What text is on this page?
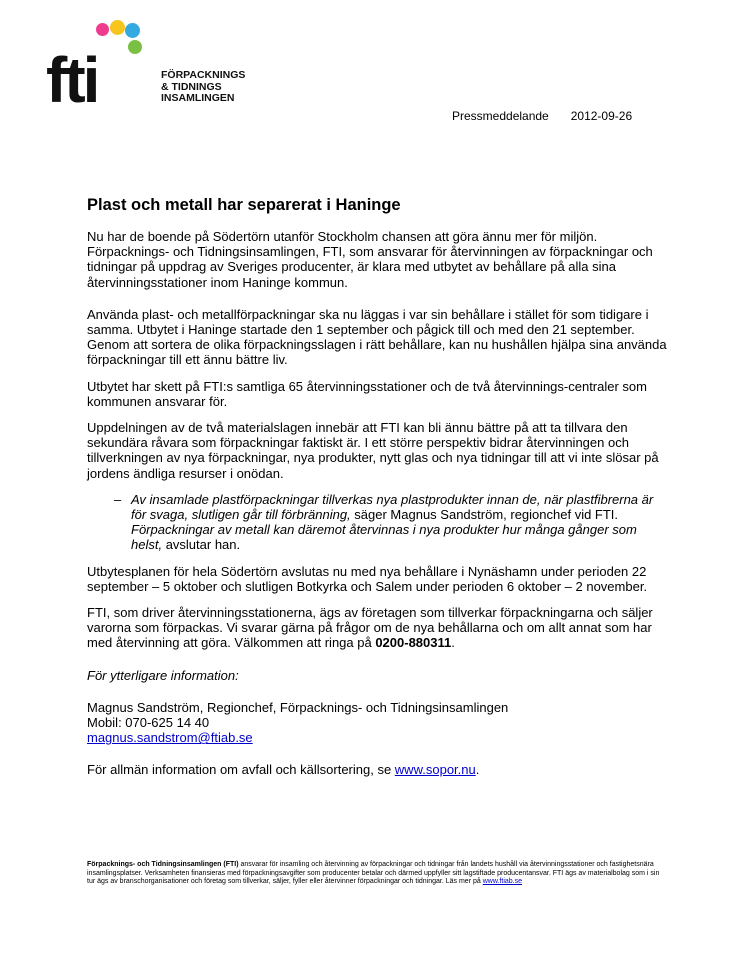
fti	FÖRPACKNINGS
& TIDNINGS
INSAMLINGEN
Pressmeddelande 2012-09-26
Plast och metall har separerat i Haninge

Nu har de boende på Södertörn utanför Stockholm chansen att göra ännu mer för miljön. Förpacknings- och Tidningsinsamlingen, FTI, som ansvarar för återvinningen av förpackningar och tidningar på uppdrag av Sveriges producenter, är klara med utbytet av behållare på alla sina återvinningsstationer inom Haninge kommun.

Använda plast- och metallförpackningar ska nu läggas i var sin behållare i stället för som tidigare i samma. Utbytet i Haninge startade den 1 september och pågick till och med den 21 september. Genom att sortera de olika förpackningsslagen i rätt behållare, kan nu hushållen hjälpa sina använda förpackningar till ett ännu bättre liv.

Utbytet har skett på FTI:s samtliga 65 återvinningsstationer och de två återvinnings-centraler som kommunen ansvarar för.

Uppdelningen av de två materialslagen innebär att FTI kan bli ännu bättre på att ta tillvara den sekundära råvara som förpackningar faktiskt är. I ett större perspektiv bidrar återvinningen och tillverkningen av nya förpackningar, nya produkter, nytt glas och nya tidningar till att vi inte slösar på jordens ändliga resurser i onödan.

– Av insamlade plastförpackningar tillverkas nya plastprodukter innan de, när plastfibrerna är för svaga, slutligen går till förbränning, säger Magnus Sandström, regionchef vid FTI. Förpackningar av metall kan däremot återvinnas i nya produkter hur många gånger som helst, avslutar han.

Utbytesplanen för hela Södertörn avslutas nu med nya behållare i Nynäshamn under perioden 22 september – 5 oktober och slutligen Botkyrka och Salem under perioden 6 oktober – 2 november.

FTI, som driver återvinningsstationerna, ägs av företagen som tillverkar förpackningarna och säljer varorna som förpackas. Vi svarar gärna på frågor om de nya behållarna och om allt annat som har med återvinning att göra. Välkommen att ringa på 0200-880311.

För ytterligare information:

Magnus Sandström, Regionchef, Förpacknings- och Tidningsinsamlingen
Mobil: 070-625 14 40
magnus.sandstrom@ftiab.se

För allmän information om avfall och källsortering, se www.sopor.nu.

Förpacknings- och Tidningsinsamlingen (FTI) ansvarar för insamling och återvinning av förpackningar och tidningar från landets hushåll via återvinningsstationer och fastighetsnära insamlingsplatser. Verksamheten finansieras med förpackningsavgifter som producenter betalar och därmed uppfyller sitt lagstiftade producentansvar. FTI ägs av materialbolag som i sin tur ägs av branschorganisationer och företag som tillverkar, säljer, fyller eller återvinner förpackningar och tidningar. Läs mer på www.ftiab.se
